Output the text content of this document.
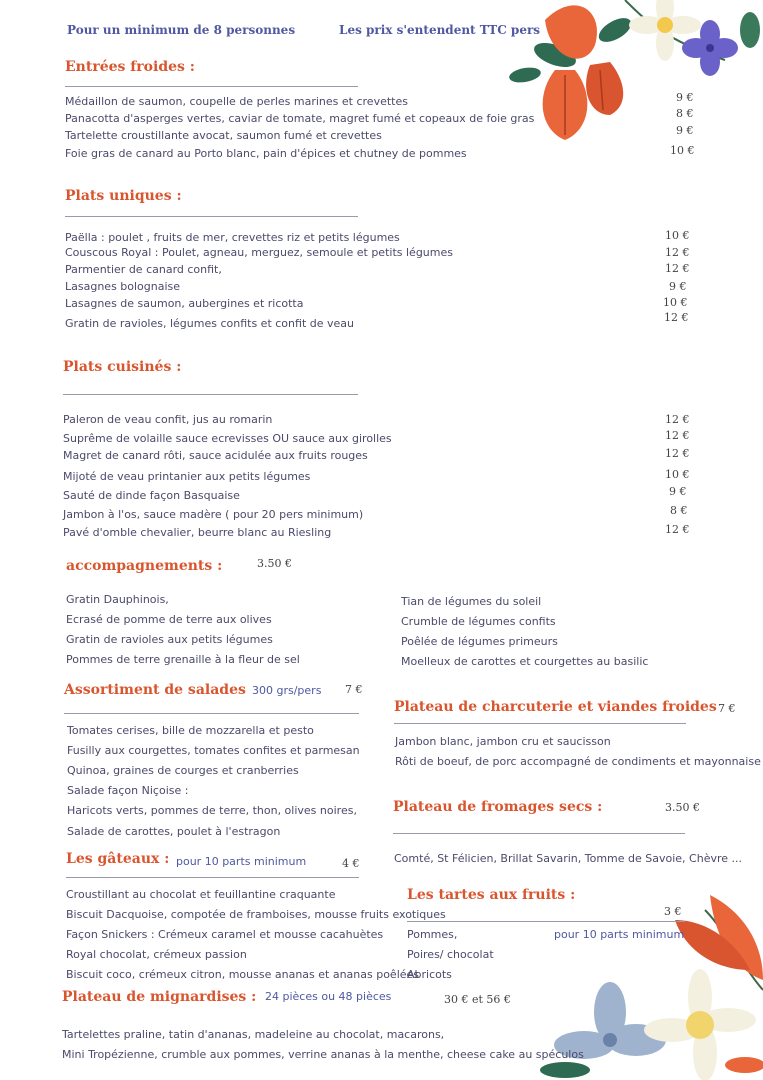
Pour un minimum de 8 personnes	Les prix s'entendent TTC pers
Entrées froides :
Médaillon de saumon, coupelle de perles marines et crevettes	9 €
Panacotta d'asperges vertes, caviar de tomate, magret fumé et copeaux de foie gras	8 €
Tartelette croustillante avocat, saumon fumé et crevettes	9 €
Foie gras de canard au Porto blanc, pain d'épices et chutney de pommes	10 €
Plats uniques :
Paëlla : poulet , fruits de mer, crevettes riz et petits légumes	10 €
Couscous Royal : Poulet, agneau, merguez, semoule et petits légumes	12 €
Parmentier de canard confit,	12 €
Lasagnes bolognaise	9 €
Lasagnes de saumon, aubergines et ricotta	10 €
Gratin de ravioles, légumes confits et confit de veau	12 €
Plats cuisinés :
Paleron de veau confit, jus au romarin	12 €
Suprême de volaille sauce ecrevisses OU sauce aux girolles	12 €
Magret de canard rôti, sauce acidulée aux fruits rouges	12 €
Mijoté de veau printanier aux petits légumes	10 €
Sauté de dinde façon Basquaise	9 €
Jambon à l'os, sauce madère ( pour 20 pers minimum)	8 €
Pavé d'omble chevalier, beurre blanc au Riesling	12 €
accompagnements :	3.50 €
Gratin Dauphinois,
Ecrasé de pomme de terre aux olives
Gratin de ravioles aux petits légumes
Pommes de terre grenaille à la fleur de sel
Tian de légumes du soleil
Crumble de légumes confits
Poêlée de légumes primeurs
Moelleux de carottes et courgettes au basilic
Assortiment de salades 300 grs/pers 7 €
Tomates cerises, bille de mozzarella et pesto
Fusilly aux courgettes, tomates confites et parmesan
Quinoa, graines de courges et cranberries
Salade façon Niçoise :
Haricots verts, pommes de terre, thon, olives noires,
Salade de carottes, poulet à l'estragon
Plateau de charcuterie et viandes froides 7 €
Jambon blanc, jambon cru et saucisson
Rôti de boeuf, de porc accompagné de condiments et mayonnaise
Plateau de fromages secs :	3.50 €
Comté, St Félicien, Brillat Savarin, Tomme de Savoie, Chèvre ...
Les gâteaux : pour 10 parts minimum	4 €
Croustillant au chocolat et feuillantine craquante
Biscuit Dacquoise, compotée de framboises, mousse fruits exotiques
Façon Snickers : Crémeux caramel et mousse cacahuètes
Royal chocolat, crémeux passion
Biscuit coco, crémeux citron, mousse ananas et ananas poêlées
Les tartes aux fruits :
3 €
Pommes,	pour 10 parts minimum
Poires/ chocolat
Abricots
Plateau de mignardises : 24 pièces ou 48 pièces	30 € et 56 €
Tartelettes praline, tatin d'ananas, madeleine au chocolat, macarons,
Mini Tropézienne, crumble aux pommes, verrine ananas à la menthe, cheese cake au spéculos
